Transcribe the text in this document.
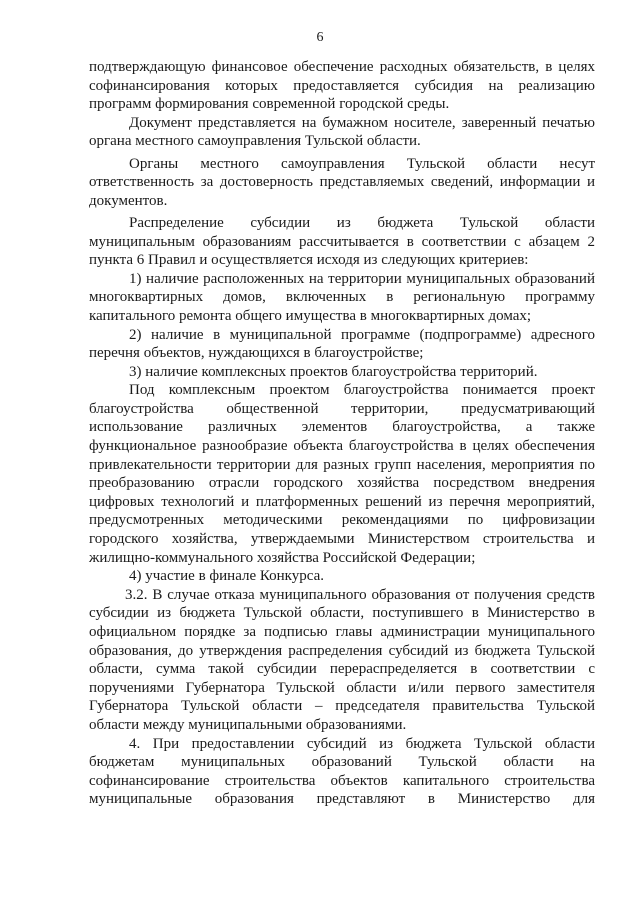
6
подтверждающую финансовое обеспечение расходных обязательств, в целях
софинансирования которых предоставляется субсидия на реализацию
программ формирования современной городской среды.
Документ представляется на бумажном носителе, заверенный печатью
органа местного самоуправления Тульской области.
Органы местного самоуправления Тульской области несут
ответственность за достоверность представляемых сведений, информации и
документов.
Распределение субсидии из бюджета Тульской области
муниципальным образованиям рассчитывается в соответствии с абзацем 2
пункта 6 Правил и осуществляется исходя из следующих критериев:
1) наличие расположенных на территории муниципальных образований
многоквартирных домов, включенных в региональную программу
капитального ремонта общего имущества в многоквартирных домах;
2) наличие в муниципальной программе (подпрограмме) адресного
перечня объектов, нуждающихся в благоустройстве;
3) наличие комплексных проектов благоустройства территорий.
Под комплексным проектом благоустройства понимается проект
благоустройства общественной территории, предусматривающий
использование различных элементов благоустройства, а также
функциональное разнообразие объекта благоустройства в целях обеспечения
привлекательности территории для разных групп населения, мероприятия по
преобразованию отрасли городского хозяйства посредством внедрения
цифровых технологий и платформенных решений из перечня мероприятий,
предусмотренных методическими рекомендациями по цифровизации
городского хозяйства, утверждаемыми Министерством строительства и
жилищно-коммунального хозяйства Российской Федерации;
4) участие в финале Конкурса.
3.2. В случае отказа муниципального образования от получения средств
субсидии из бюджета Тульской области, поступившего в Министерство в
официальном порядке за подписью главы администрации муниципального
образования, до утверждения распределения субсидий из бюджета Тульской
области, сумма такой субсидии перераспределяется в соответствии с
поручениями Губернатора Тульской области и/или первого заместителя
Губернатора Тульской области – председателя правительства Тульской
области между муниципальными образованиями.
4. При предоставлении субсидий из бюджета Тульской области
бюджетам муниципальных образований Тульской области на
софинансирование строительства объектов капитального строительства
муниципальные образования представляют в Министерство для
